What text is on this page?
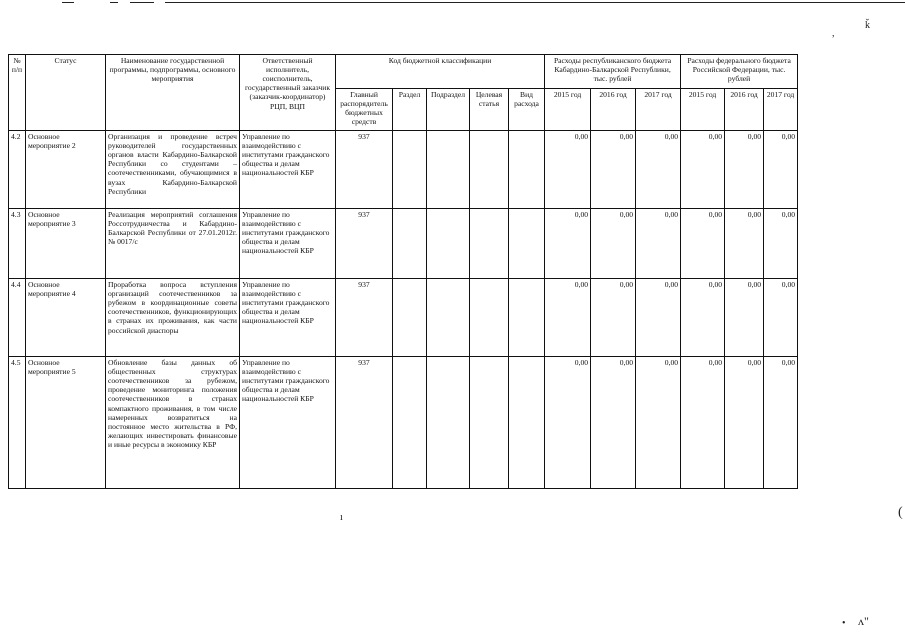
№ п/п	Статус	Наименование государственной программы, подпрограммы, основного мероприятия	Ответственный исполнитель, соисполнитель, государственный заказчик (заказчик-координатор) РЦП, ВЦП	Код бюджетной классификации					Расходы республиканского бюджета Кабардино-Балкарской Республики, тыс. рублей			Расходы федерального бюджета Российской Федерации, тыс. рублей		
				Главный распорядитель бюджетных средств	Раздел	Подраздел	Целевая статья	Вид расхода	2015 год	2016 год	2017 год	2015 год	2016 год	2017 год
4.2	Основное мероприятие 2	Организация и проведение встреч руководителей государственных органов власти Кабардино-Балкарской Республики со студентами – соотечественниками, обучающимися в вузах Кабардино-Балкарской Республики	Управление по взаимодействию с институтами гражданского общества и делам национальностей КБР	937					0,00	0,00	0,00	0,00	0,00	0,00
4.3	Основное мероприятие 3	Реализация мероприятий соглашения Россотрудничества и Кабардино-Балкарской Республики от 27.01.2012г. № 0017/с	Управление по взаимодействию с институтами гражданского общества и делам национальностей КБР	937					0,00	0,00	0,00	0,00	0,00	0,00
4.4	Основное мероприятие 4	Проработка вопроса вступления организаций соотечественников за рубежом в координационные советы соотечественников, функционирующих в странах их проживания, как части российской диаспоры	Управление по взаимодействию с институтами гражданского общества и делам национальностей КБР	937					0,00	0,00	0,00	0,00	0,00	0,00
4.5	Основное мероприятие 5	Обновление базы данных об общественных структурах соотечественников за рубежом, проведение мониторинга положения соотечественников в странах компактного проживания, в том числе намеренных возвратиться на постоянное место жительства в РФ, желающих инвестировать финансовые и иные ресурсы в экономику КБР	Управление по взаимодействию с институтами гражданского общества и делам национальностей КБР	937					0,00	0,00	0,00	0,00	0,00	0,00
,
ǩ
(
ı
• ᴧ"
